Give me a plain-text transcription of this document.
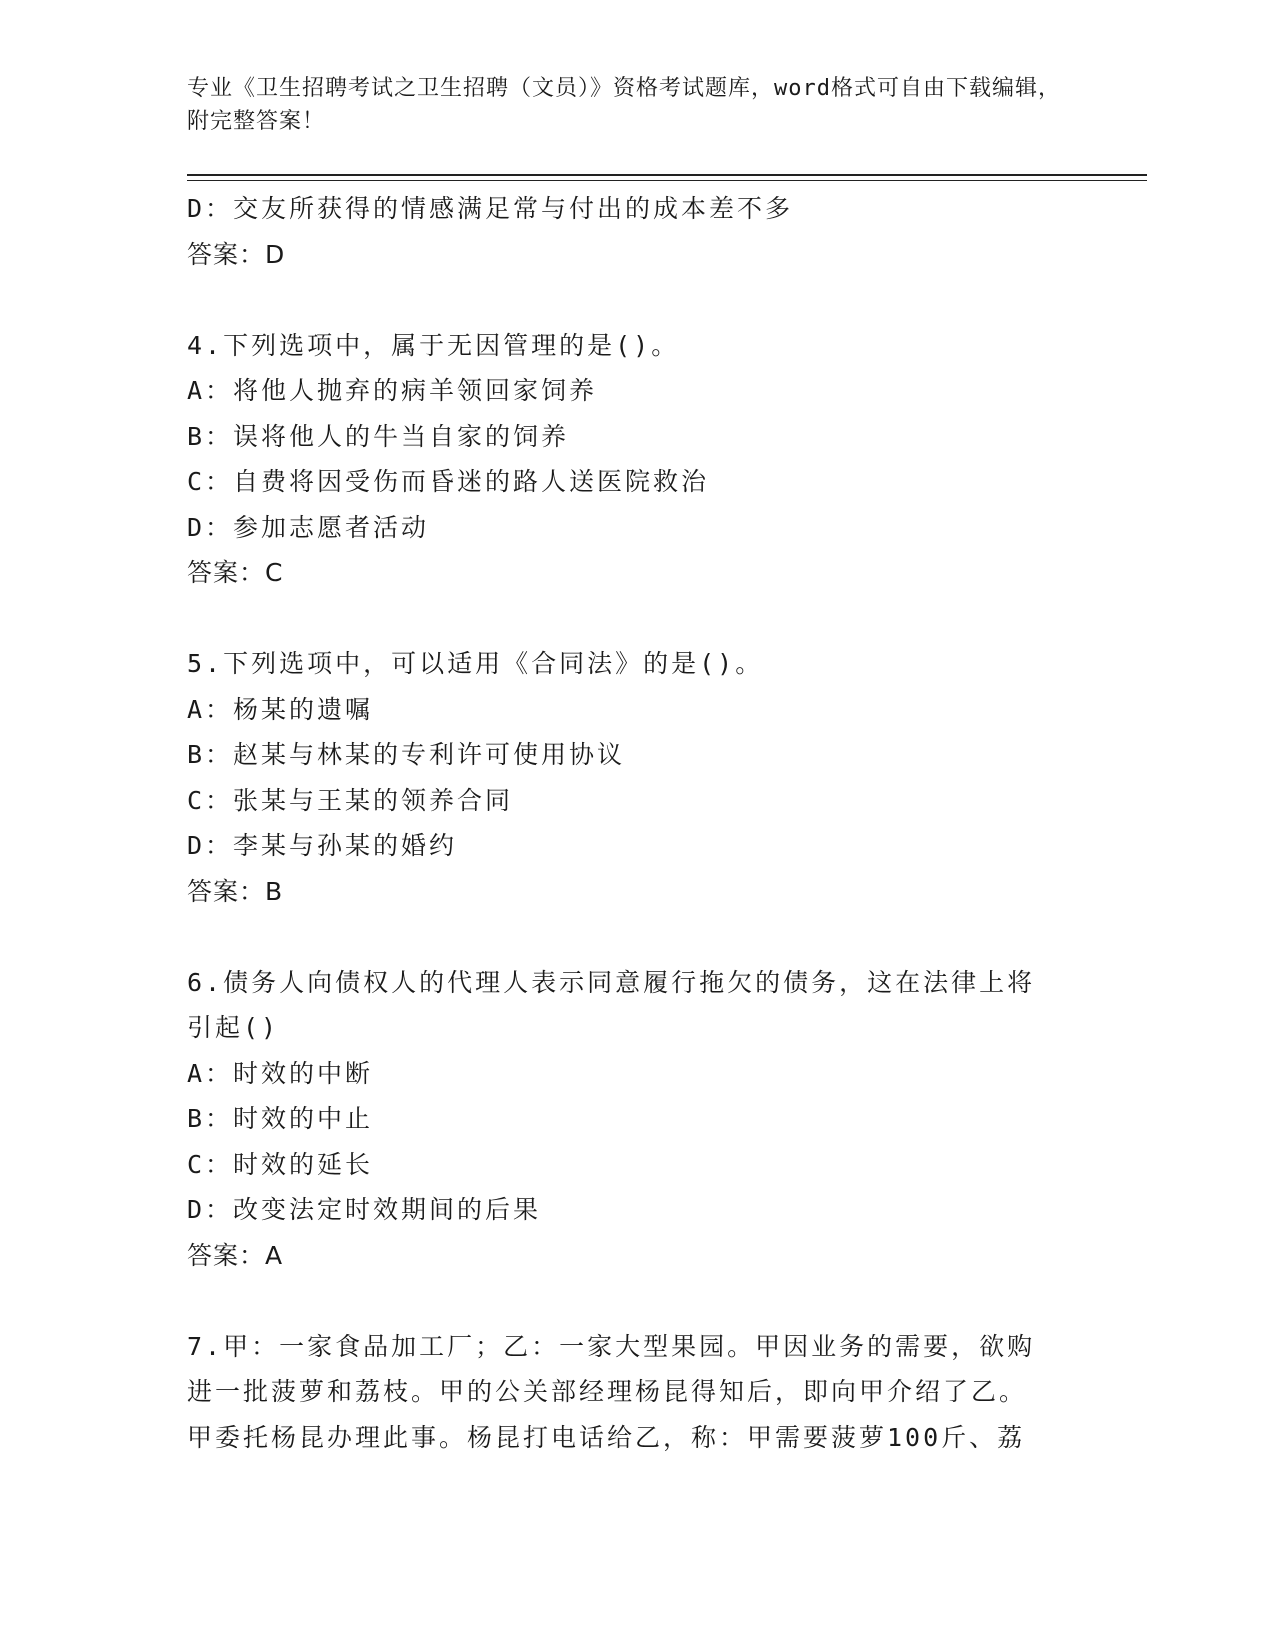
专业《卫生招聘考试之卫生招聘（文员）》资格考试题库，word格式可自由下载编辑，附完整答案！
D：交友所获得的情感满足常与付出的成本差不多
答案：D
4.下列选项中，属于无因管理的是()。
A：将他人抛弃的病羊领回家饲养
B：误将他人的牛当自家的饲养
C：自费将因受伤而昏迷的路人送医院救治
D：参加志愿者活动
答案：C
5.下列选项中，可以适用《合同法》的是()。
A：杨某的遗嘱
B：赵某与林某的专利许可使用协议
C：张某与王某的领养合同
D：李某与孙某的婚约
答案：B
6.债务人向债权人的代理人表示同意履行拖欠的债务，这在法律上将
引起()
A：时效的中断
B：时效的中止
C：时效的延长
D：改变法定时效期间的后果
答案：A
7.甲：一家食品加工厂；乙：一家大型果园。甲因业务的需要，欲购
进一批菠萝和荔枝。甲的公关部经理杨昆得知后，即向甲介绍了乙。
甲委托杨昆办理此事。杨昆打电话给乙，称：甲需要菠萝100斤、荔
